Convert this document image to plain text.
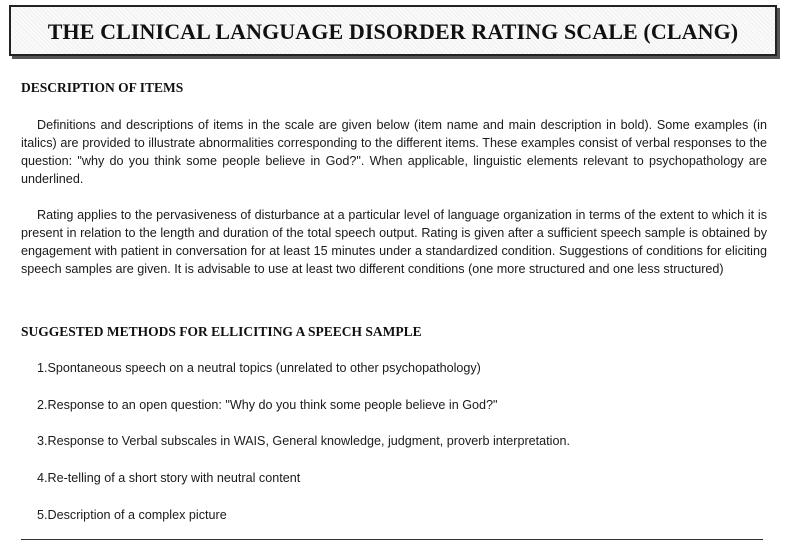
THE CLINICAL LANGUAGE DISORDER RATING SCALE (CLANG)
DESCRIPTION OF ITEMS

Definitions and descriptions of items in the scale are given below (item name and main description in bold). Some examples (in italics) are provided to illustrate abnormalities corresponding to the different items. These examples consist of verbal responses to the question: "why do you think some people believe in God?". When applicable, linguistic elements relevant to psychopathology are underlined.

Rating applies to the pervasiveness of disturbance at a particular level of language organization in terms of the extent to which it is present in relation to the length and duration of the total speech output. Rating is given after a sufficient speech sample is obtained by engagement with patient in conversation for at least 15 minutes under a standardized condition. Suggestions of conditions for eliciting speech samples are given. It is advisable to use at least two different conditions (one more structured and one less structured)

SUGGESTED METHODS FOR ELLICITING A SPEECH SAMPLE
1.Spontaneous speech on a neutral topics (unrelated to other psychopathology)
2.Response to an open question: "Why do you think some people believe in God?"
3.Response to Verbal subscales in WAIS, General knowledge, judgment, proverb interpretation.
4.Re-telling of a short story with neutral content
5.Description of a complex picture
